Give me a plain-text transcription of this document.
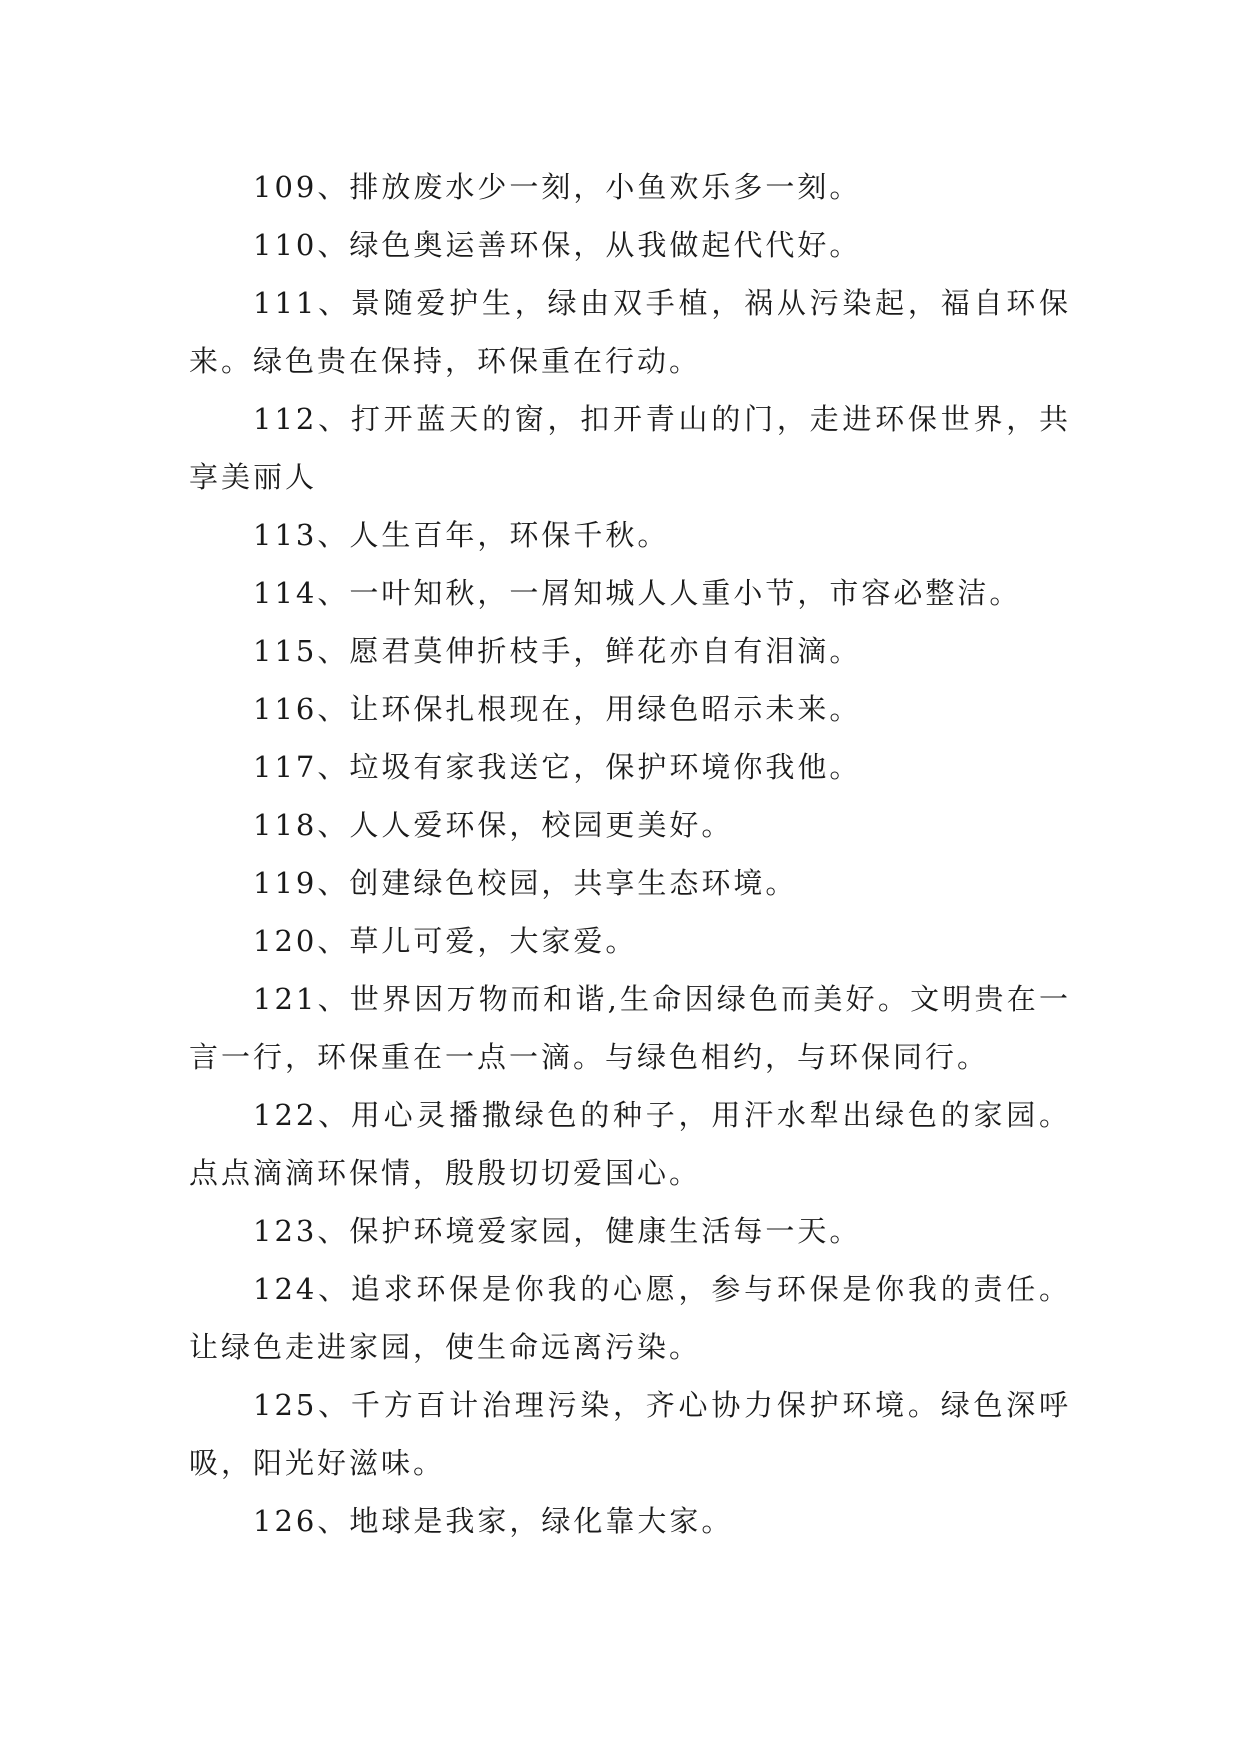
109、排放废水少一刻，小鱼欢乐多一刻。

110、绿色奥运善环保，从我做起代代好。

111、景随爱护生，绿由双手植，祸从污染起，福自环保来。绿色贵在保持，环保重在行动。

112、打开蓝天的窗，扣开青山的门，走进环保世界，共享美丽人

113、人生百年，环保千秋。

114、一叶知秋，一屑知城人人重小节，市容必整洁。

115、愿君莫伸折枝手，鲜花亦自有泪滴。

116、让环保扎根现在，用绿色昭示未来。

117、垃圾有家我送它，保护环境你我他。

118、人人爱环保，校园更美好。

119、创建绿色校园，共享生态环境。

120、草儿可爱，大家爱。

121、世界因万物而和谐,生命因绿色而美好。文明贵在一言一行，环保重在一点一滴。与绿色相约，与环保同行。

122、用心灵播撒绿色的种子，用汗水犁出绿色的家园。点点滴滴环保情，殷殷切切爱国心。

123、保护环境爱家园，健康生活每一天。

124、追求环保是你我的心愿，参与环保是你我的责任。让绿色走进家园，使生命远离污染。

125、千方百计治理污染，齐心协力保护环境。绿色深呼吸，阳光好滋味。

126、地球是我家，绿化靠大家。
